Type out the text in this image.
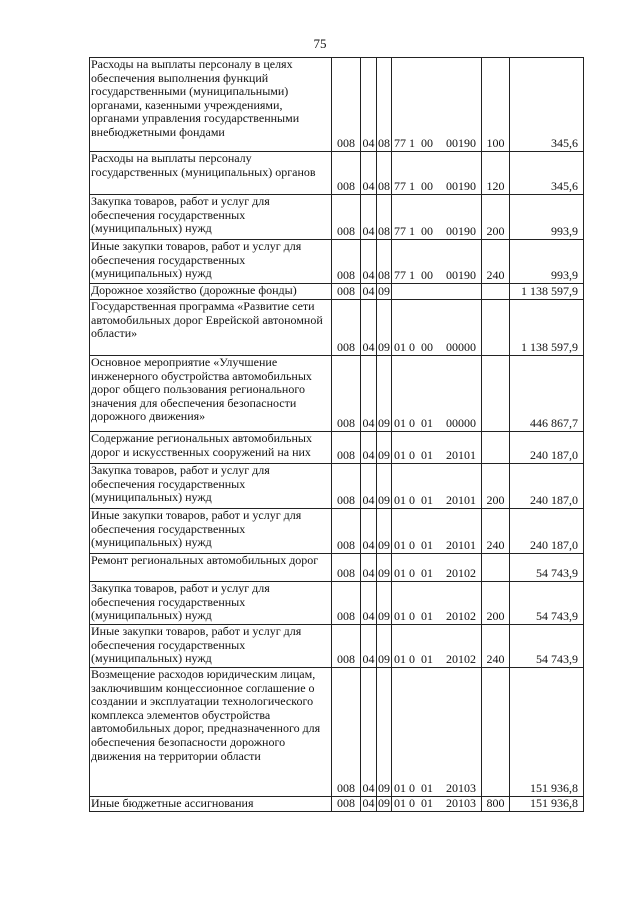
75
Расходы на выплаты персоналу в целях обеспечения выполнения функций государственными (муниципальными) органами, казенными учреждениями, органами управления государственными внебюджетными фондами	008	04	08	77 1 00 00190	100	345,6
Расходы на выплаты персоналу государственных (муниципальных) органов	008	04	08	77 1 00 00190	120	345,6
Закупка товаров, работ и услуг для обеспечения государственных (муниципальных) нужд	008	04	08	77 1 00 00190	200	993,9
Иные закупки товаров, работ и услуг для обеспечения государственных (муниципальных) нужд	008	04	08	77 1 00 00190	240	993,9
Дорожное хозяйство (дорожные фонды)	008	04	09			1 138 597,9
Государственная программа «Развитие сети автомобильных дорог Еврейской автономной области»	008	04	09	01 0 00 00000		1 138 597,9
Основное мероприятие «Улучшение инженерного обустройства автомобильных дорог общего пользования регионального значения для обеспечения безопасности дорожного движения»	008	04	09	01 0 01 00000		446 867,7
Содержание региональных автомобильных дорог и искусственных сооружений на них	008	04	09	01 0 01 20101		240 187,0
Закупка товаров, работ и услуг для обеспечения государственных (муниципальных) нужд	008	04	09	01 0 01 20101	200	240 187,0
Иные закупки товаров, работ и услуг для обеспечения государственных (муниципальных) нужд	008	04	09	01 0 01 20101	240	240 187,0
Ремонт региональных автомобильных дорог	008	04	09	01 0 01 20102		54 743,9
Закупка товаров, работ и услуг для обеспечения государственных (муниципальных) нужд	008	04	09	01 0 01 20102	200	54 743,9
Иные закупки товаров, работ и услуг для обеспечения государственных (муниципальных) нужд	008	04	09	01 0 01 20102	240	54 743,9
Возмещение расходов юридическим лицам, заключившим концессионное соглашение о создании и эксплуатации технологического комплекса элементов обустройства автомобильных дорог, предназначенного для обеспечения безопасности дорожного движения на территории области	008	04	09	01 0 01 20103		151 936,8
Иные бюджетные ассигнования	008	04	09	01 0 01 20103	800	151 936,8
